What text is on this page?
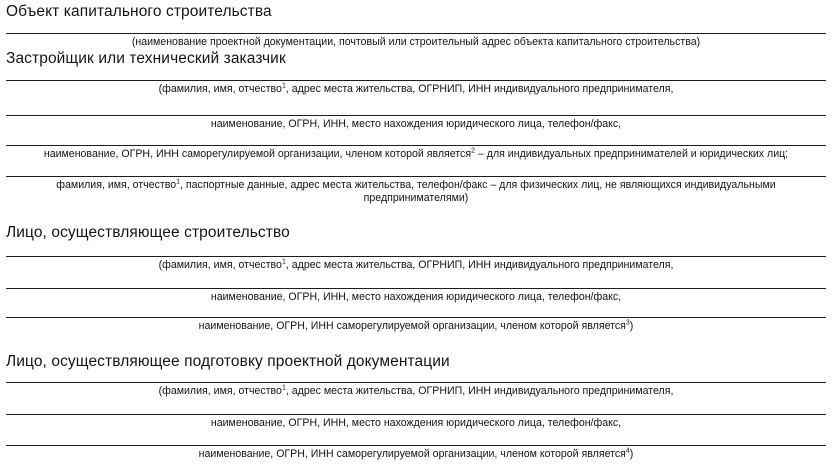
Объект капитального строительства
(наименование проектной документации, почтовый или строительный адрес объекта капитального строительства)
Застройщик или технический заказчик
(фамилия, имя, отчество$^1$, адрес места жительства, ОГРНИП, ИНН индивидуального предпринимателя,
наименование, ОГРН, ИНН, место нахождения юридического лица, телефон/факс,
наименование, ОГРН, ИНН саморегулируемой организации, членом которой является$^2$ – для индивидуальных предпринимателей и юридических лиц;
фамилия, имя, отчество$^1$, паспортные данные, адрес места жительства, телефон/факс – для физических лиц, не являющихся индивидуальными предпринимателями)
Лицо, осуществляющее строительство
(фамилия, имя, отчество$^1$, адрес места жительства, ОГРНИП, ИНН индивидуального предпринимателя,
наименование, ОГРН, ИНН, место нахождения юридического лица, телефон/факс,
наименование, ОГРН, ИНН саморегулируемой организации, членом которой является$^3$)
Лицо, осуществляющее подготовку проектной документации
(фамилия, имя, отчество$^1$, адрес места жительства, ОГРНИП, ИНН индивидуального предпринимателя,
наименование, ОГРН, ИНН, место нахождения юридического лица, телефон/факс,
наименование, ОГРН, ИНН саморегулируемой организации, членом которой является$^4$)
